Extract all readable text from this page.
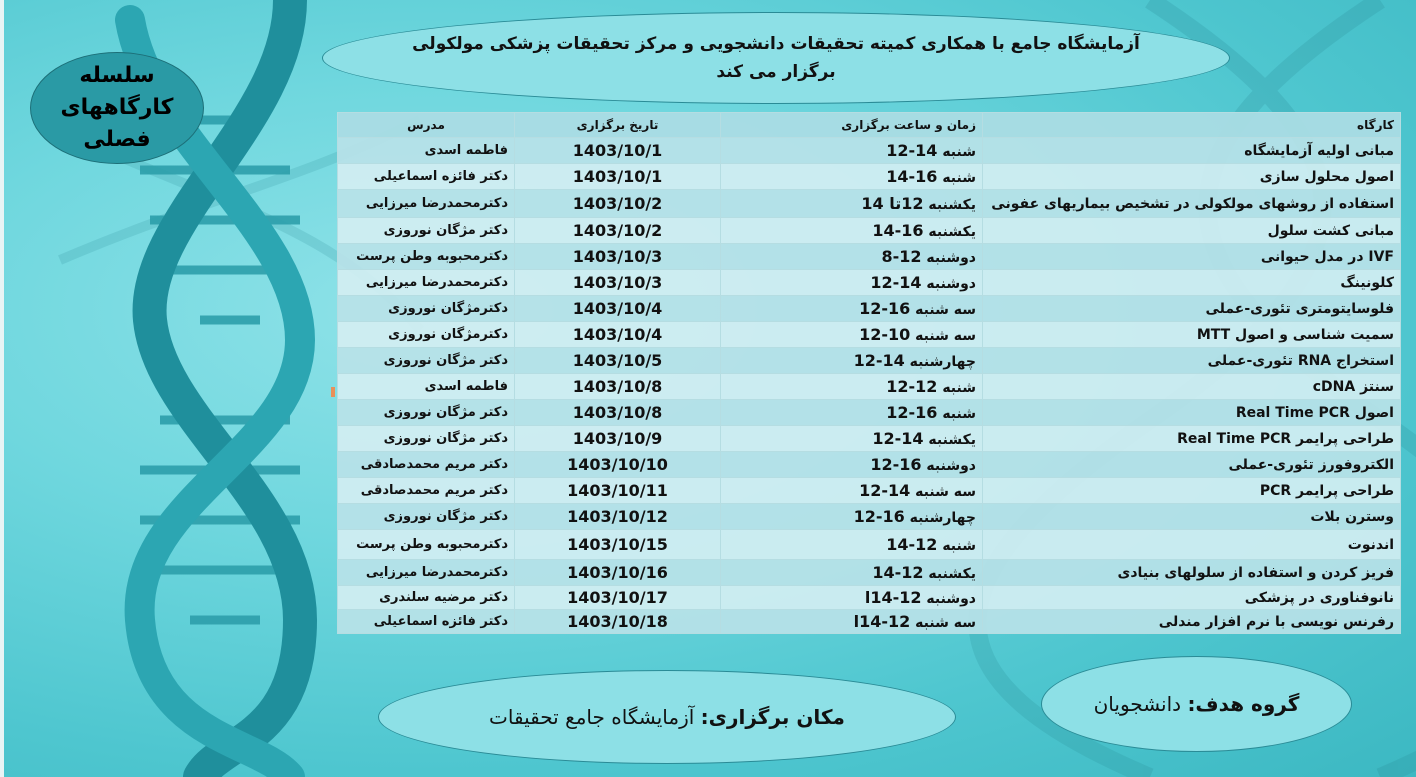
آزمایشگاه جامع با همکاری کمیته تحقیقات دانشجویی و مرکز تحقیقات پزشکی مولکولی
برگزار می کند
سلسله
کارگاههای
فصلی
کارگاه	زمان و ساعت برگزاری	تاریخ برگزاری	مدرس
مبانی اولیه آزمایشگاه	شنبه 14-12	1403/10/1	فاطمه اسدی
اصول محلول سازی	شنبه 16-14	1403/10/1	دکتر فائزه اسماعیلی
استفاده از روشهای مولکولی در تشخیص بیماریهای عفونی	یکشنبه 12تا 14	1403/10/2	دکترمحمدرضا میرزایی
مبانی کشت سلول	یکشنبه 16-14	1403/10/2	دکتر مژگان نوروزی
IVF در مدل حیوانی	دوشنبه 12-8	1403/10/3	دکترمحبوبه وطن پرست
کلونینگ	دوشنبه 14-12	1403/10/3	دکترمحمدرضا میرزایی
فلوسایتومتری تئوری-عملی	سه شنبه 16-12	1403/10/4	دکترمژگان نوروزی
سمیت شناسی و اصول MTT	سه شنبه 10-12	1403/10/4	دکترمژگان نوروزی
استخراج RNA تئوری-عملی	چهارشنبه 14-12	1403/10/5	دکتر مژگان نوروزی
سنتز cDNA	شنبه 12-12	1403/10/8	فاطمه اسدی
اصول Real Time PCR	شنبه 16-12	1403/10/8	دکتر مژگان نوروزی
طراحی پرایمر Real Time PCR	یکشنبه 14-12	1403/10/9	دکتر مژگان نوروزی
الکتروفورز تئوری-عملی	دوشنبه 16-12	1403/10/10	دکتر مریم محمدصادقی
طراحی پرایمر PCR	سه شنبه 14-12	1403/10/11	دکتر مریم محمدصادقی
وسترن بلات	چهارشنبه 16-12	1403/10/12	دکتر مژگان نوروزی
اندنوت	شنبه 12-14	1403/10/15	دکترمحبوبه وطن پرست
فریز کردن و استفاده از سلولهای بنیادی	یکشنبه 12-14	1403/10/16	دکترمحمدرضا میرزایی
نانوفناوری در پزشکی	دوشنبه 12-14ا	1403/10/17	دکتر مرضیه سلندری
رفرنس نویسی با نرم افزار مندلی	سه شنبه 12-14ا	1403/10/18	دکتر فائزه اسماعیلی
مکان برگزاری: آزمایشگاه جامع تحقیقات
گروه هدف: دانشجویان
